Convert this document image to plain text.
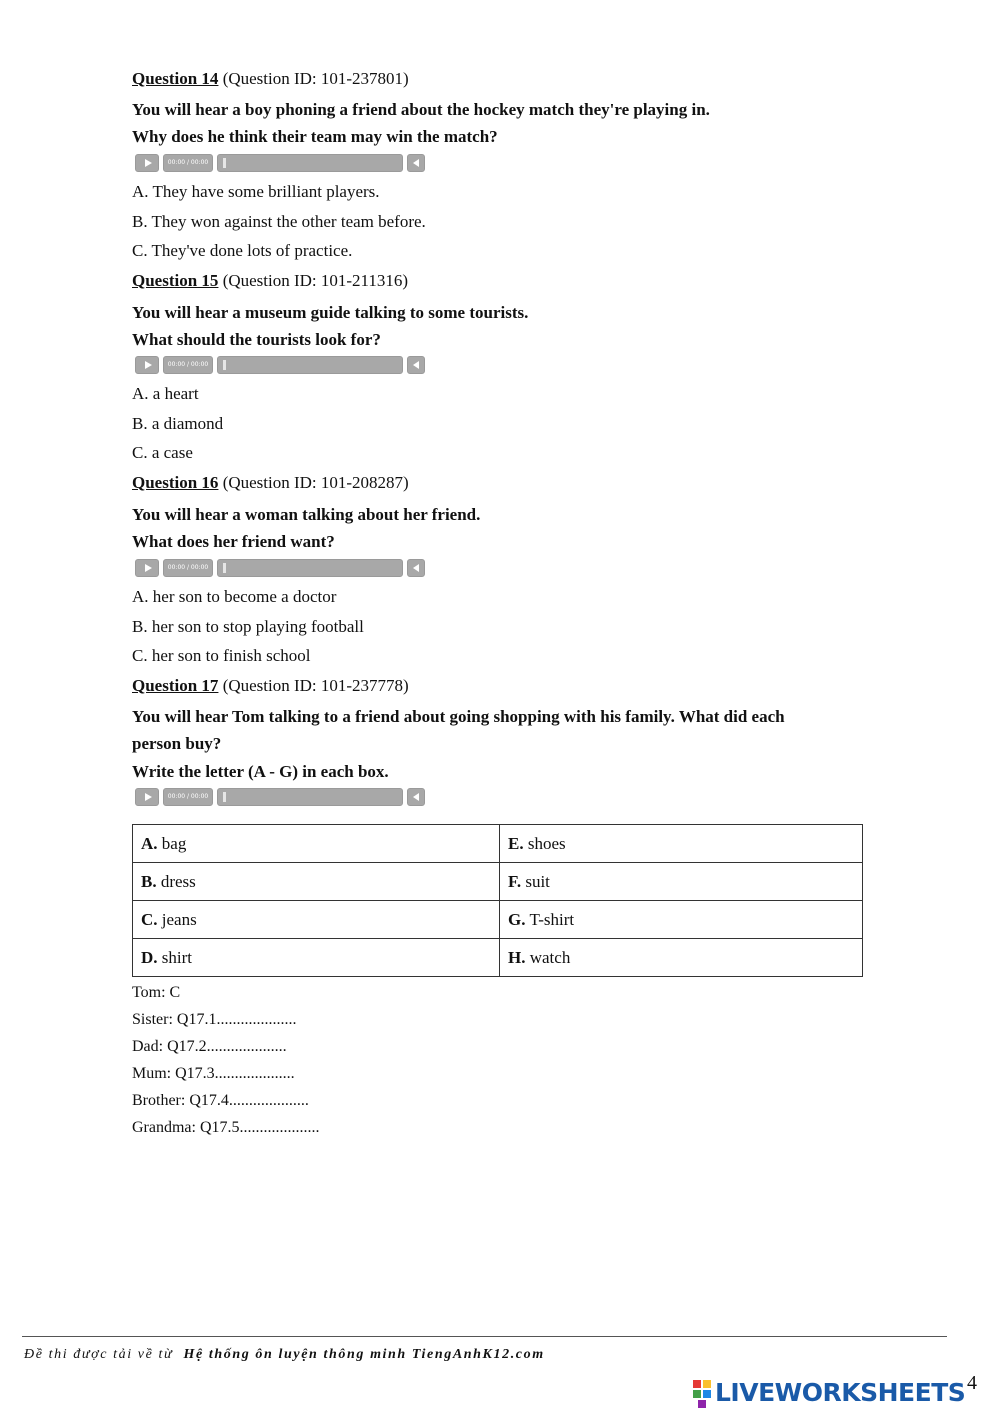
Question 14 (Question ID: 101-237801)
You will hear a boy phoning a friend about the hockey match they're playing in.
Why does he think their team may win the match?
00:00 / 00:00
A. They have some brilliant players.
B. They won against the other team before.
C. They've done lots of practice.
Question 15 (Question ID: 101-211316)
You will hear a museum guide talking to some tourists.
What should the tourists look for?
00:00 / 00:00
A. a heart
B. a diamond
C. a case
Question 16 (Question ID: 101-208287)
You will hear a woman talking about her friend.
What does her friend want?
00:00 / 00:00
A. her son to become a doctor
B. her son to stop playing football
C. her son to finish school
Question 17 (Question ID: 101-237778)
You will hear Tom talking to a friend about going shopping with his family. What did each
person buy?
Write the letter (A - G) in each box.
00:00 / 00:00
A. bag	E. shoes
B. dress	F. suit
C. jeans	G. T-shirt
D. shirt	H. watch
Tom: C
Sister: Q17.1....................
Dad: Q17.2....................
Mum: Q17.3....................
Brother: Q17.4....................
Grandma: Q17.5....................
Đề thi được tải về từ Hệ thống ôn luyện thông minh TiengAnhK12.com
LIVEWORKSHEETS 4
